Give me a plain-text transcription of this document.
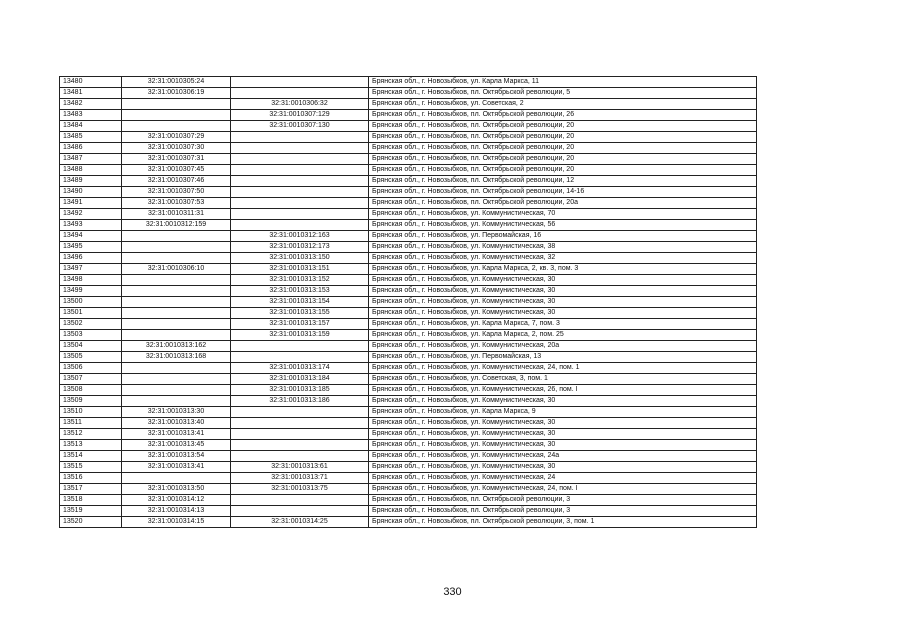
13480	32:31:0010305:24		Брянская обл., г. Новозыбков, ул. Карла Маркса, 11
13481	32:31:0010306:19		Брянская обл., г. Новозыбков, пл. Октябрьской революции, 5
13482		32:31:0010306:32	Брянская обл., г. Новозыбков, ул. Советская, 2
13483		32:31:0010307:129	Брянская обл., г. Новозыбков, пл. Октябрьской революции, 26
13484		32:31:0010307:130	Брянская обл., г. Новозыбков, пл. Октябрьской революции, 20
13485	32:31:0010307:29		Брянская обл., г. Новозыбков, пл. Октябрьской революции, 20
13486	32:31:0010307:30		Брянская обл., г. Новозыбков, пл. Октябрьской революции, 20
13487	32:31:0010307:31		Брянская обл., г. Новозыбков, пл. Октябрьской революции, 20
13488	32:31:0010307:45		Брянская обл., г. Новозыбков, пл. Октябрьской революции, 20
13489	32:31:0010307:46		Брянская обл., г. Новозыбков, пл. Октябрьской революции, 12
13490	32:31:0010307:50		Брянская обл., г. Новозыбков, пл. Октябрьской революции, 14-16
13491	32:31:0010307:53		Брянская обл., г. Новозыбков, пл. Октябрьской революции, 20а
13492	32:31:0010311:31		Брянская обл., г. Новозыбков, ул. Коммунистическая, 70
13493	32:31:0010312:159		Брянская обл., г. Новозыбков, ул. Коммунистическая, 56
13494		32:31:0010312:163	Брянская обл., г. Новозыбков, ул. Первомайская, 16
13495		32:31:0010312:173	Брянская обл., г. Новозыбков, ул. Коммунистическая, 38
13496		32:31:0010313:150	Брянская обл., г. Новозыбков, ул. Коммунистическая, 32
13497	32:31:0010306:10	32:31:0010313:151	Брянская обл., г. Новозыбков, ул. Карла Маркса, 2, кв. 3, пом. 3
13498		32:31:0010313:152	Брянская обл., г. Новозыбков, ул. Коммунистическая, 30
13499		32:31:0010313:153	Брянская обл., г. Новозыбков, ул. Коммунистическая, 30
13500		32:31:0010313:154	Брянская обл., г. Новозыбков, ул. Коммунистическая, 30
13501		32:31:0010313:155	Брянская обл., г. Новозыбков, ул. Коммунистическая, 30
13502		32:31:0010313:157	Брянская обл., г. Новозыбков, ул. Карла Маркса, 7, пом. 3
13503		32:31:0010313:159	Брянская обл., г. Новозыбков, ул. Карла Маркса, 2, пом. 25
13504	32:31:0010313:162		Брянская обл., г. Новозыбков, ул. Коммунистическая, 20а
13505	32:31:0010313:168		Брянская обл., г. Новозыбков, ул. Первомайская, 13
13506		32:31:0010313:174	Брянская обл., г. Новозыбков, ул. Коммунистическая, 24, пом. 1
13507		32:31:0010313:184	Брянская обл., г. Новозыбков, ул. Советская, 3, пом. 1
13508		32:31:0010313:185	Брянская обл., г. Новозыбков, ул. Коммунистическая, 26, пом. I
13509		32:31:0010313:186	Брянская обл., г. Новозыбков, ул. Коммунистическая, 30
13510	32:31:0010313:30		Брянская обл., г. Новозыбков, ул. Карла Маркса, 9
13511	32:31:0010313:40		Брянская обл., г. Новозыбков, ул. Коммунистическая, 30
13512	32:31:0010313:41		Брянская обл., г. Новозыбков, ул. Коммунистическая, 30
13513	32:31:0010313:45		Брянская обл., г. Новозыбков, ул. Коммунистическая, 30
13514	32:31:0010313:54		Брянская обл., г. Новозыбков, ул. Коммунистическая, 24а
13515	32:31:0010313:41	32:31:0010313:61	Брянская обл., г. Новозыбков, ул. Коммунистическая, 30
13516		32:31:0010313:71	Брянская обл., г. Новозыбков, ул. Коммунистическая, 24
13517	32:31:0010313:50	32:31:0010313:75	Брянская обл., г. Новозыбков, ул. Коммунистическая, 24, пом. I
13518	32:31:0010314:12		Брянская обл., г. Новозыбков, пл. Октябрьской революции, 3
13519	32:31:0010314:13		Брянская обл., г. Новозыбков, пл. Октябрьской революции, 3
13520	32:31:0010314:15	32:31:0010314:25	Брянская обл., г. Новозыбков, пл. Октябрьской революции, 3, пом. 1
330
